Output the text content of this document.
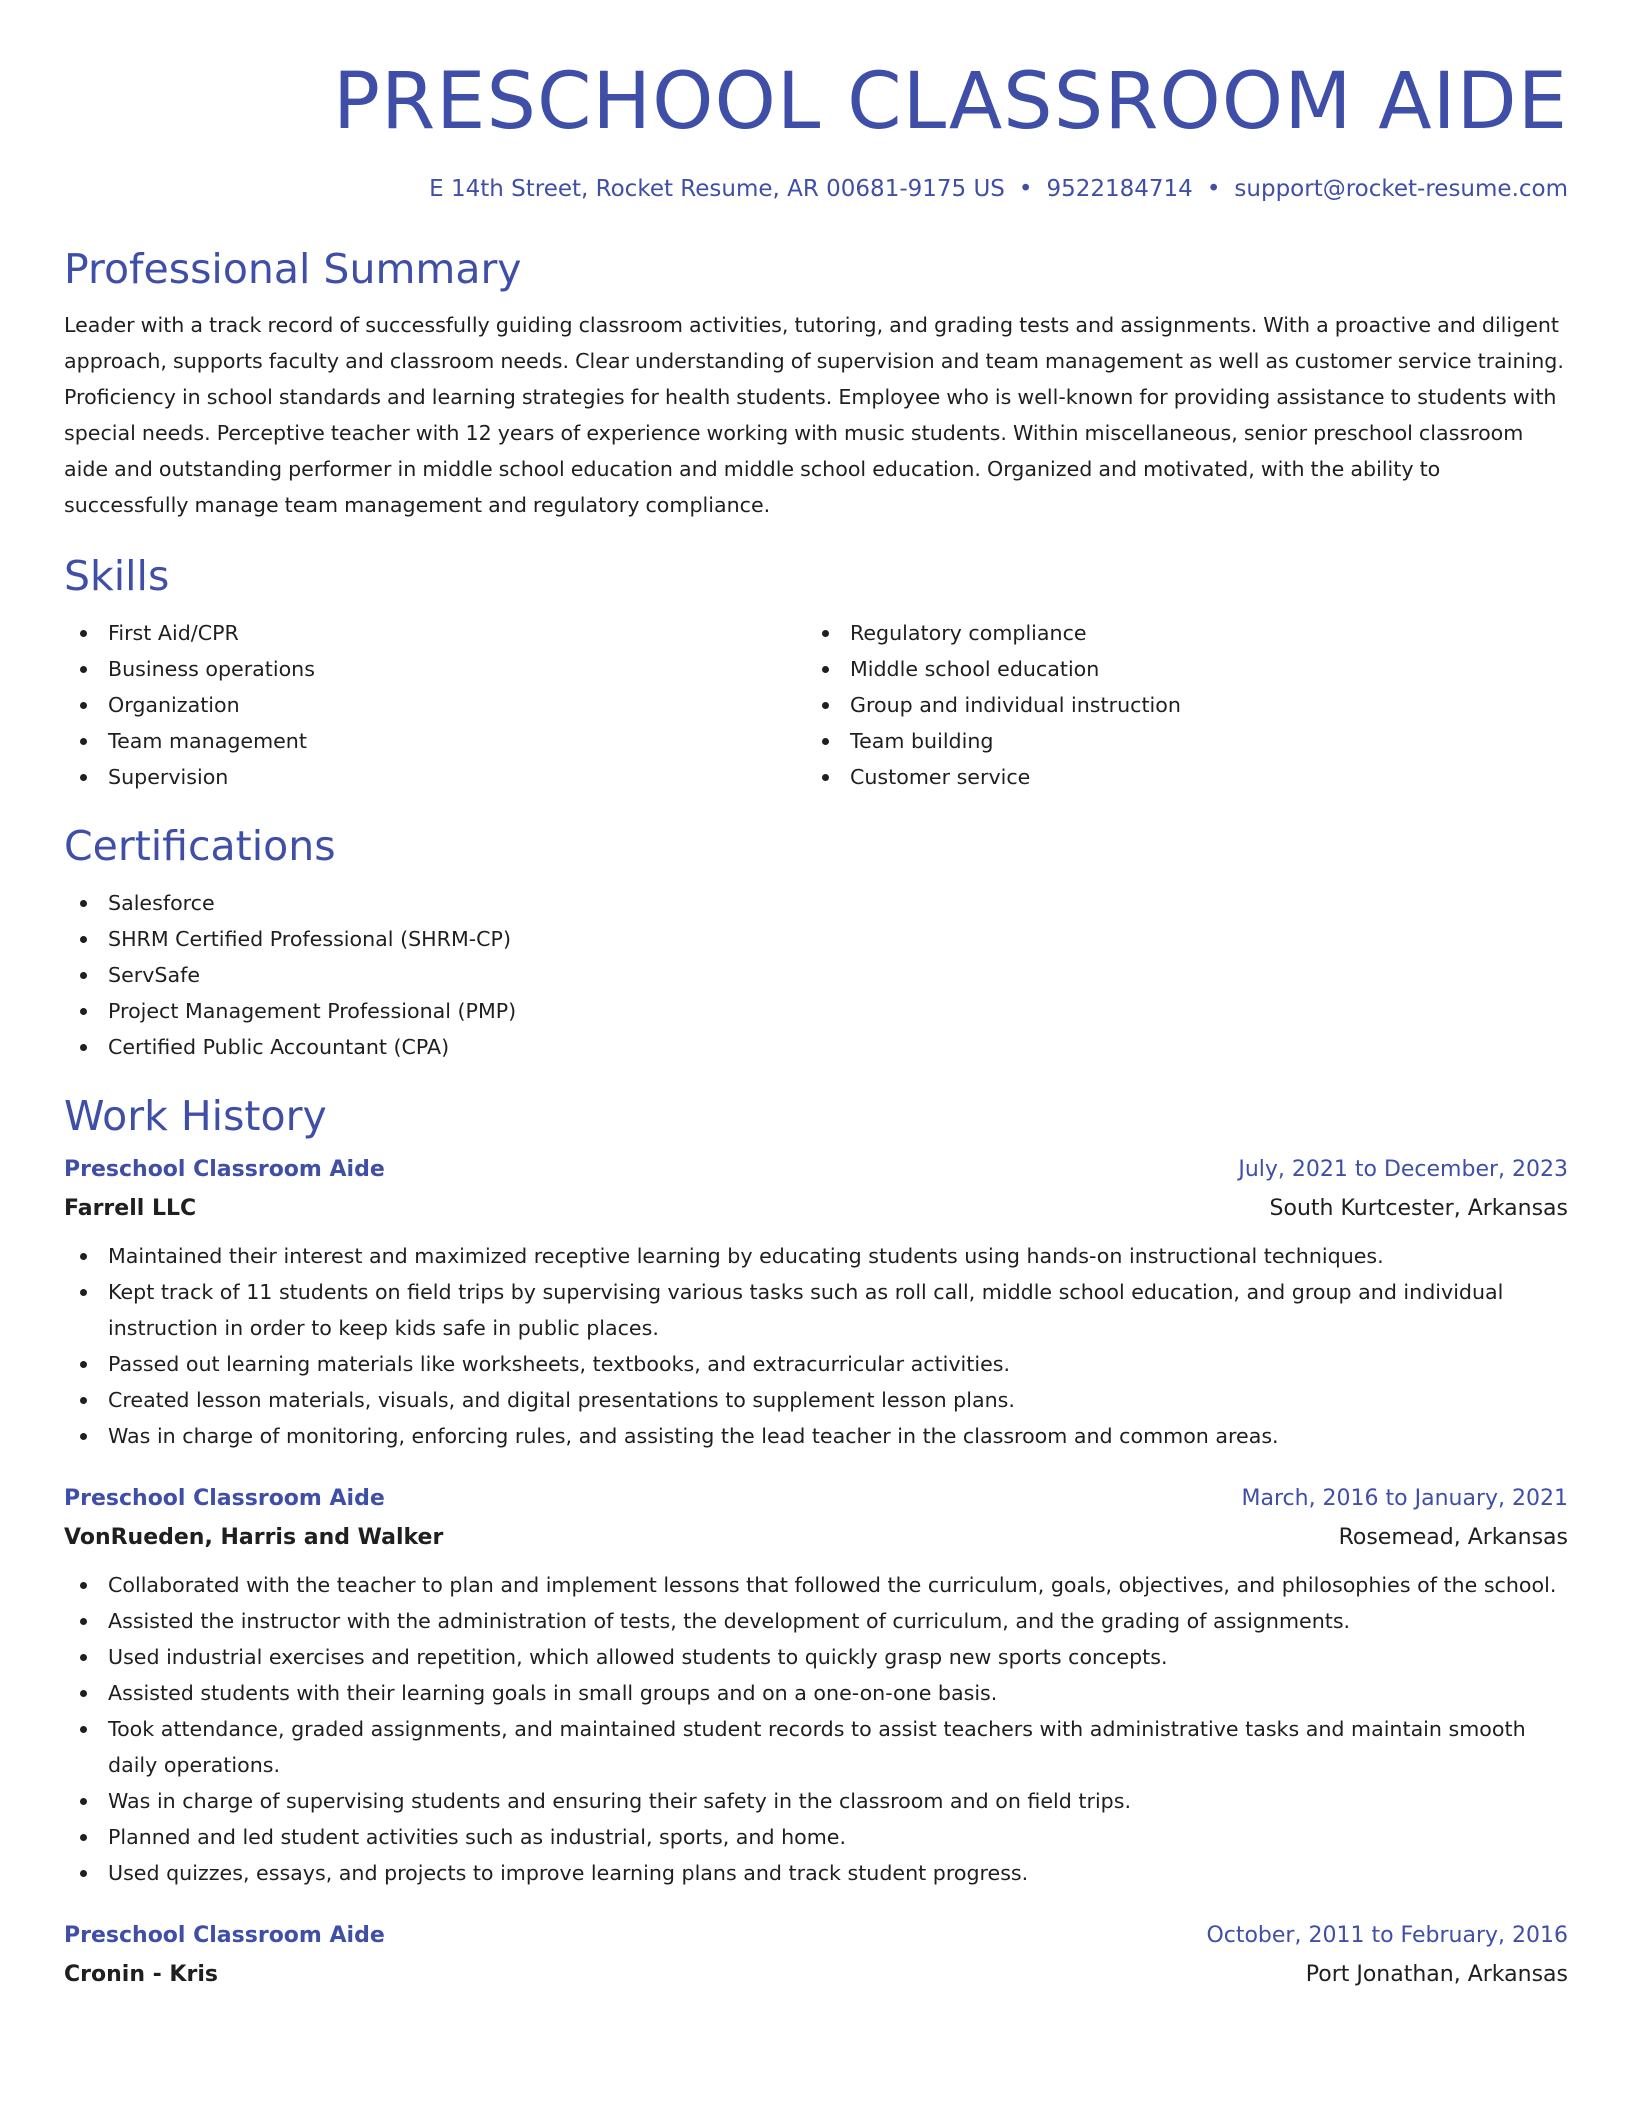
PRESCHOOL CLASSROOM AIDE
E 14th Street, Rocket Resume, AR 00681-9175 US • 9522184714 • support@rocket-resume.com
Professional Summary
Leader with a track record of successfully guiding classroom activities, tutoring, and grading tests and assignments. With a proactive and diligent approach, supports faculty and classroom needs. Clear understanding of supervision and team management as well as customer service training. Proficiency in school standards and learning strategies for health students. Employee who is well-known for providing assistance to students with special needs. Perceptive teacher with 12 years of experience working with music students. Within miscellaneous, senior preschool classroom aide and outstanding performer in middle school education and middle school education. Organized and motivated, with the ability to successfully manage team management and regulatory compliance.
Skills
First Aid/CPR
Business operations
Organization
Team management
Supervision
Regulatory compliance
Middle school education
Group and individual instruction
Team building
Customer service
Certifications
Salesforce
SHRM Certified Professional (SHRM-CP)
ServSafe
Project Management Professional (PMP)
Certified Public Accountant (CPA)
Work History
Preschool Classroom Aide	July, 2021 to December, 2023
Farrell LLC	South Kurtcester, Arkansas
Maintained their interest and maximized receptive learning by educating students using hands-on instructional techniques.
Kept track of 11 students on field trips by supervising various tasks such as roll call, middle school education, and group and individual instruction in order to keep kids safe in public places.
Passed out learning materials like worksheets, textbooks, and extracurricular activities.
Created lesson materials, visuals, and digital presentations to supplement lesson plans.
Was in charge of monitoring, enforcing rules, and assisting the lead teacher in the classroom and common areas.
Preschool Classroom Aide	March, 2016 to January, 2021
VonRueden, Harris and Walker	Rosemead, Arkansas
Collaborated with the teacher to plan and implement lessons that followed the curriculum, goals, objectives, and philosophies of the school.
Assisted the instructor with the administration of tests, the development of curriculum, and the grading of assignments.
Used industrial exercises and repetition, which allowed students to quickly grasp new sports concepts.
Assisted students with their learning goals in small groups and on a one-on-one basis.
Took attendance, graded assignments, and maintained student records to assist teachers with administrative tasks and maintain smooth daily operations.
Was in charge of supervising students and ensuring their safety in the classroom and on field trips.
Planned and led student activities such as industrial, sports, and home.
Used quizzes, essays, and projects to improve learning plans and track student progress.
Preschool Classroom Aide	October, 2011 to February, 2016
Cronin - Kris	Port Jonathan, Arkansas
